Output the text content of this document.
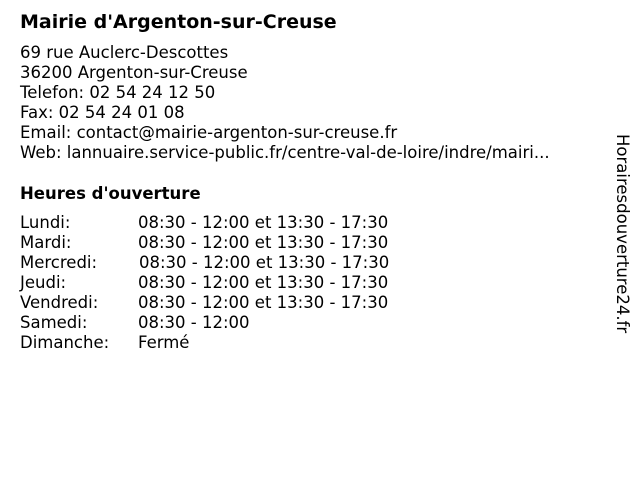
Mairie d'Argenton-sur-Creuse
69 rue Auclerc-Descottes
36200 Argenton-sur-Creuse
Telefon: 02 54 24 12 50
Fax: 02 54 24 01 08
Email: contact@mairie-argenton-sur-creuse.fr
Web: lannuaire.service-public.fr/centre-val-de-loire/indre/mairi...
Heures d'ouverture
Lundi:	08:30 - 12:00 et 13:30 - 17:30
Mardi:	08:30 - 12:00 et 13:30 - 17:30
Mercredi:	08:30 - 12:00 et 13:30 - 17:30
Jeudi:	08:30 - 12:00 et 13:30 - 17:30
Vendredi: 08:30 - 12:00 et 13:30 - 17:30
Samedi:	08:30 - 12:00
Dimanche: Fermé
Horairesdouverture24.fr
